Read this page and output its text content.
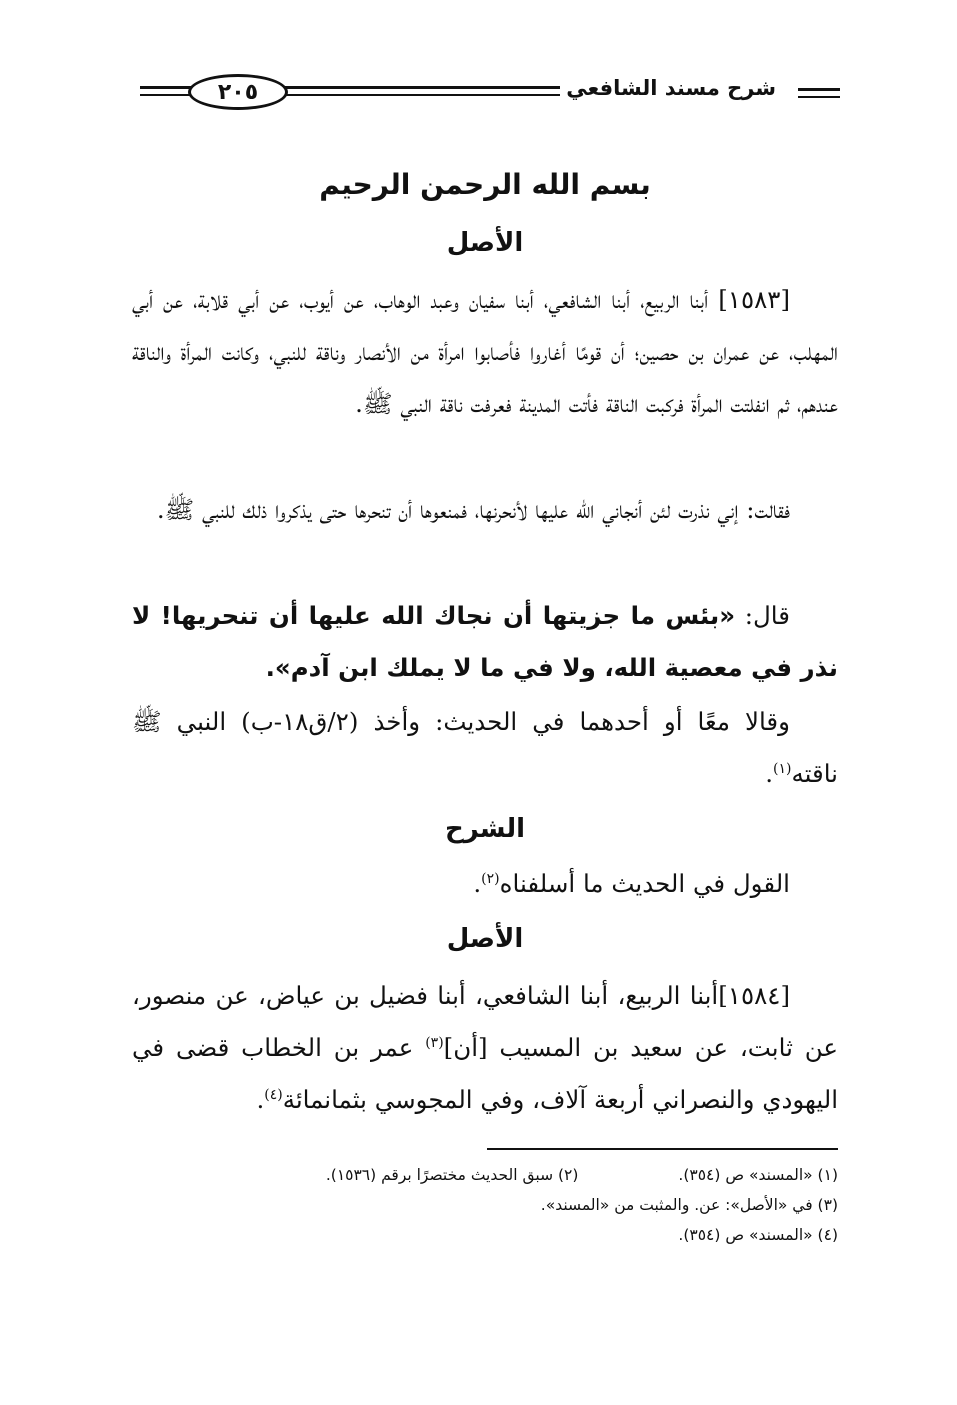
٢٠٥	شرح مسند الشافعي
بسم الله الرحمن الرحيم
الأصل
[١٥٨٣] أبنا الربيع، أبنا الشافعي، أبنا سفيان وعبد الوهاب، عن أيوب، عن أبي قلابة، عن أبي المهلب، عن عمران بن حصين؛ أن قومًا أغاروا فأصابوا امرأة من الأنصار وناقة للنبي، وكانت المرأة والناقة عندهم، ثم انفلتت المرأة فركبت الناقة فأتت المدينة فعرفت ناقة النبي ﷺ.
فقالت: إني نذرت لئن أنجاني الله عليها لأنحرنها، فمنعوها أن تنحرها حتى يذكروا ذلك للنبي ﷺ.
قال: «بئس ما جزيتها أن نجاك الله عليها أن تنحريها! لا نذر في معصية الله، ولا في ما لا يملك ابن آدم».
وقالا معًا أو أحدهما في الحديث: وأخذ (٢/ق١٨-ب) النبي ﷺ ناقته$^{(١)}$.
الشرح
القول في الحديث ما أسلفناه$^{(٢)}$.
الأصل
[١٥٨٤]أبنا الربيع، أبنا الشافعي، أبنا فضيل بن عياض، عن منصور، عن ثابت، عن سعيد بن المسيب [أن]$^{(٣)}$ عمر بن الخطاب قضى في اليهودي والنصراني أربعة آلاف، وفي المجوسي بثمانمائة$^{(٤)}$.
(١) «المسند» ص (٣٥٤).
(٢) سبق الحديث مختصرًا برقم (١٥٣٦).
(٣) في «الأصل»: عن. والمثبت من «المسند».
(٤) «المسند» ص (٣٥٤).
